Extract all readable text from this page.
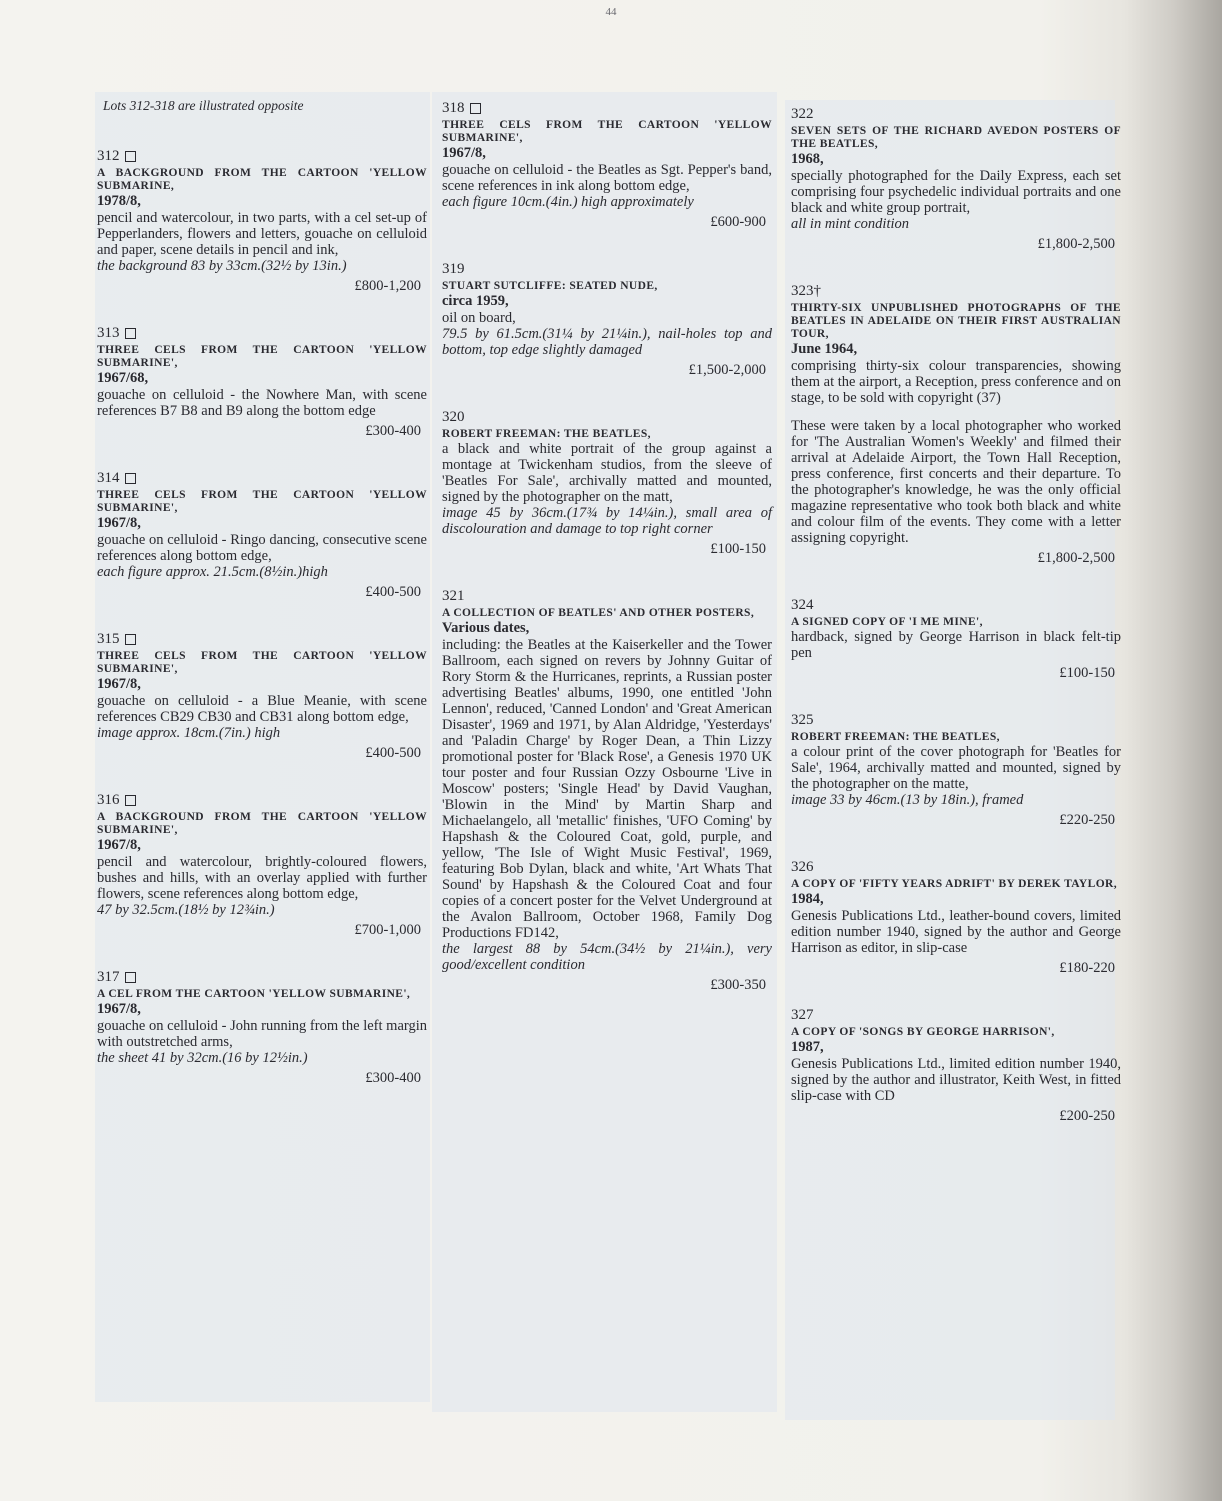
44
Lots 312-318 are illustrated opposite
312
A BACKGROUND FROM THE CARTOON 'YELLOW SUBMARINE,
1978/8,
pencil and watercolour, in two parts, with a cel set-up of Pepperlanders, flowers and letters, gouache on celluloid and paper, scene details in pencil and ink,
the background 83 by 33cm.(32½ by 13in.)
£800-1,200
313
THREE CELS FROM THE CARTOON 'YELLOW SUBMARINE',
1967/68,
gouache on celluloid - the Nowhere Man, with scene references B7 B8 and B9 along the bottom edge
£300-400
314
THREE CELS FROM THE CARTOON 'YELLOW SUBMARINE',
1967/8,
gouache on celluloid - Ringo dancing, consecutive scene references along bottom edge,
each figure approx. 21.5cm.(8½in.)high
£400-500
315
THREE CELS FROM THE CARTOON 'YELLOW SUBMARINE',
1967/8,
gouache on celluloid - a Blue Meanie, with scene references CB29 CB30 and CB31 along bottom edge,
image approx. 18cm.(7in.) high
£400-500
316
A BACKGROUND FROM THE CARTOON 'YELLOW SUBMARINE',
1967/8,
pencil and watercolour, brightly-coloured flowers, bushes and hills, with an overlay applied with further flowers, scene references along bottom edge,
47 by 32.5cm.(18½ by 12¾in.)
£700-1,000
317
A CEL FROM THE CARTOON 'YELLOW SUBMARINE',
1967/8,
gouache on celluloid - John running from the left margin with outstretched arms,
the sheet 41 by 32cm.(16 by 12½in.)
£300-400
318
THREE CELS FROM THE CARTOON 'YELLOW SUBMARINE',
1967/8,
gouache on celluloid - the Beatles as Sgt. Pepper's band, scene references in ink along bottom edge,
each figure 10cm.(4in.) high approximately
£600-900
319
STUART SUTCLIFFE: SEATED NUDE,
circa 1959,
oil on board,
79.5 by 61.5cm.(31¼ by 21¼in.), nail-holes top and bottom, top edge slightly damaged
£1,500-2,000
320
ROBERT FREEMAN: THE BEATLES,
a black and white portrait of the group against a montage at Twickenham studios, from the sleeve of 'Beatles For Sale', archivally matted and mounted, signed by the photographer on the matt,
image 45 by 36cm.(17¾ by 14¼in.), small area of discolouration and damage to top right corner
£100-150
321
A COLLECTION OF BEATLES' AND OTHER POSTERS,
Various dates,
including: the Beatles at the Kaiserkeller and the Tower Ballroom, each signed on revers by Johnny Guitar of Rory Storm & the Hurricanes, reprints, a Russian poster advertising Beatles' albums, 1990, one entitled 'John Lennon', reduced, 'Canned London' and 'Great American Disaster', 1969 and 1971, by Alan Aldridge, 'Yesterdays' and 'Paladin Charge' by Roger Dean, a Thin Lizzy promotional poster for 'Black Rose', a Genesis 1970 UK tour poster and four Russian Ozzy Osbourne 'Live in Moscow' posters; 'Single Head' by David Vaughan, 'Blowin in the Mind' by Martin Sharp and Michaelangelo, all 'metallic' finishes, 'UFO Coming' by Hapshash & the Coloured Coat, gold, purple, and yellow, 'The Isle of Wight Music Festival', 1969, featuring Bob Dylan, black and white, 'Art Whats That Sound' by Hapshash & the Coloured Coat and four copies of a concert poster for the Velvet Underground at the Avalon Ballroom, October 1968, Family Dog Productions FD142,
the largest 88 by 54cm.(34½ by 21¼in.), very good/excellent condition
£300-350
322
SEVEN SETS OF THE RICHARD AVEDON POSTERS OF THE BEATLES,
1968,
specially photographed for the Daily Express, each set comprising four psychedelic individual portraits and one black and white group portrait,
all in mint condition
£1,800-2,500
323†
THIRTY-SIX UNPUBLISHED PHOTOGRAPHS OF THE BEATLES IN ADELAIDE ON THEIR FIRST AUSTRALIAN TOUR,
June 1964,
comprising thirty-six colour transparencies, showing them at the airport, a Reception, press conference and on stage, to be sold with copyright (37)
These were taken by a local photographer who worked for 'The Australian Women's Weekly' and filmed their arrival at Adelaide Airport, the Town Hall Reception, press conference, first concerts and their departure. To the photographer's knowledge, he was the only official magazine representative who took both black and white and colour film of the events. They come with a letter assigning copyright.
£1,800-2,500
324
A SIGNED COPY OF 'I ME MINE',
hardback, signed by George Harrison in black felt-tip pen
£100-150
325
ROBERT FREEMAN: THE BEATLES,
a colour print of the cover photograph for 'Beatles for Sale', 1964, archivally matted and mounted, signed by the photographer on the matte,
image 33 by 46cm.(13 by 18in.), framed
£220-250
326
A COPY OF 'FIFTY YEARS ADRIFT' BY DEREK TAYLOR,
1984,
Genesis Publications Ltd., leather-bound covers, limited edition number 1940, signed by the author and George Harrison as editor, in slip-case
£180-220
327
A COPY OF 'SONGS BY GEORGE HARRISON',
1987,
Genesis Publications Ltd., limited edition number 1940, signed by the author and illustrator, Keith West, in fitted slip-case with CD
£200-250
